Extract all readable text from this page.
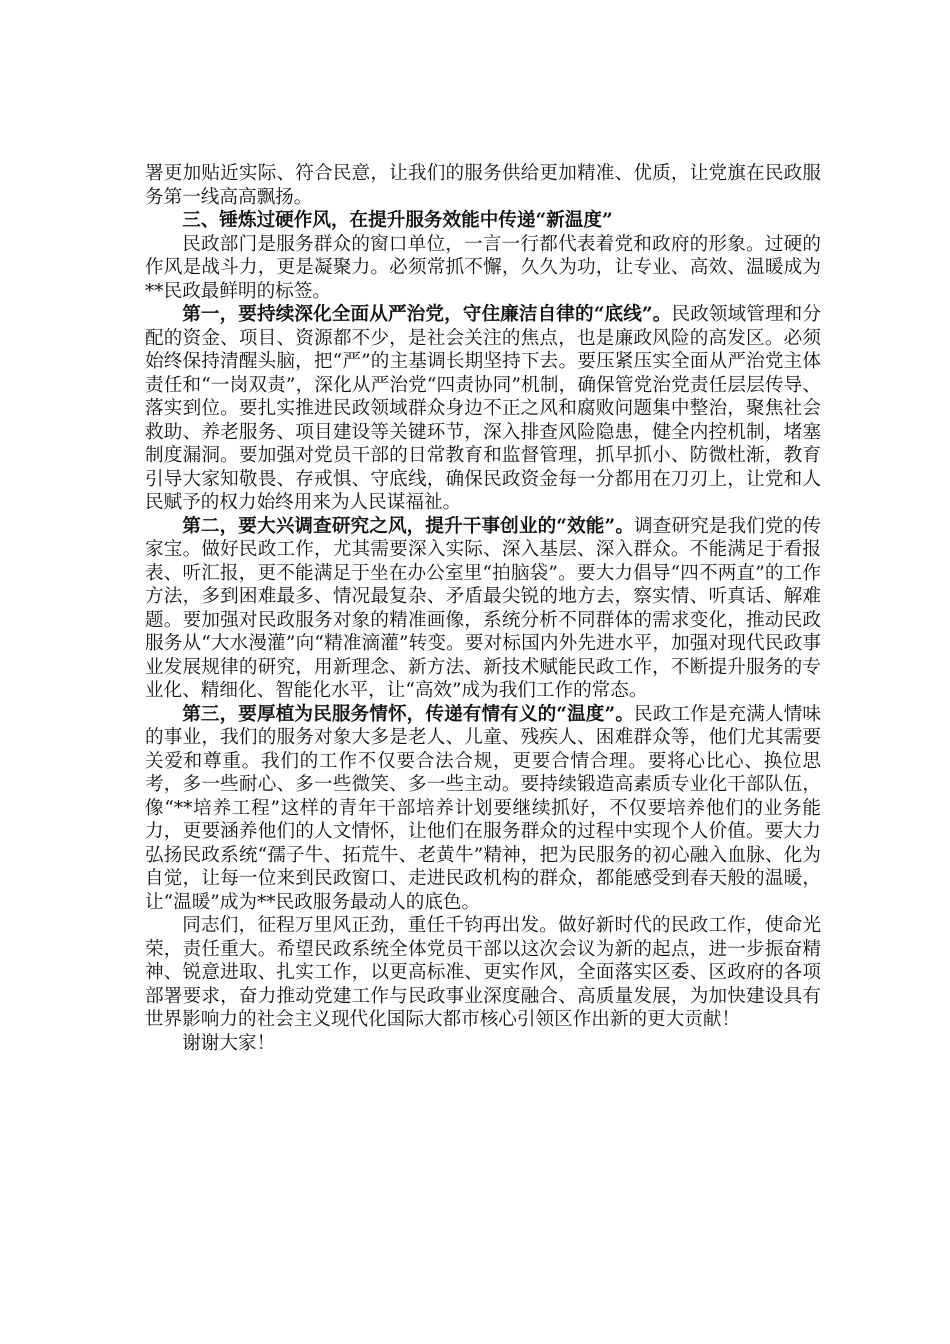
署更加贴近实际、符合民意，让我们的服务供给更加精准、优质，让党旗在民政服务第一线高高飘扬。

三、锤炼过硬作风，在提升服务效能中传递“新温度”

民政部门是服务群众的窗口单位，一言一行都代表着党和政府的形象。过硬的作风是战斗力，更是凝聚力。必须常抓不懈，久久为功，让专业、高效、温暖成为**民政最鲜明的标签。

第一，要持续深化全面从严治党，守住廉洁自律的“底线”。民政领域管理和分配的资金、项目、资源都不少，是社会关注的焦点，也是廉政风险的高发区。必须始终保持清醒头脑，把“严”的主基调长期坚持下去。要压紧压实全面从严治党主体责任和“一岗双责”，深化从严治党“四责协同”机制，确保管党治党责任层层传导、落实到位。要扎实推进民政领域群众身边不正之风和腐败问题集中整治，聚焦社会救助、养老服务、项目建设等关键环节，深入排查风险隐患，健全内控机制，堵塞制度漏洞。要加强对党员干部的日常教育和监督管理，抓早抓小、防微杜渐，教育引导大家知敬畏、存戒惧、守底线，确保民政资金每一分都用在刀刃上，让党和人民赋予的权力始终用来为人民谋福祉。

第二，要大兴调查研究之风，提升干事创业的“效能”。调查研究是我们党的传家宝。做好民政工作，尤其需要深入实际、深入基层、深入群众。不能满足于看报表、听汇报，更不能满足于坐在办公室里“拍脑袋”。要大力倡导“四不两直”的工作方法，多到困难最多、情况最复杂、矛盾最尖锐的地方去，察实情、听真话、解难题。要加强对民政服务对象的精准画像，系统分析不同群体的需求变化，推动民政服务从“大水漫灌”向“精准滴灌”转变。要对标国内外先进水平，加强对现代民政事业发展规律的研究，用新理念、新方法、新技术赋能民政工作，不断提升服务的专业化、精细化、智能化水平，让“高效”成为我们工作的常态。

第三，要厚植为民服务情怀，传递有情有义的“温度”。民政工作是充满人情味的事业，我们的服务对象大多是老人、儿童、残疾人、困难群众等，他们尤其需要关爱和尊重。我们的工作不仅要合法合规，更要合情合理。要将心比心、换位思考，多一些耐心、多一些微笑、多一些主动。要持续锻造高素质专业化干部队伍，像“**培养工程”这样的青年干部培养计划要继续抓好，不仅要培养他们的业务能力，更要涵养他们的人文情怀，让他们在服务群众的过程中实现个人价值。要大力弘扬民政系统“孺子牛、拓荒牛、老黄牛”精神，把为民服务的初心融入血脉、化为自觉，让每一位来到民政窗口、走进民政机构的群众，都能感受到春天般的温暖，让“温暖”成为**民政服务最动人的底色。

同志们，征程万里风正劲，重任千钧再出发。做好新时代的民政工作，使命光荣，责任重大。希望民政系统全体党员干部以这次会议为新的起点，进一步振奋精神、锐意进取、扎实工作，以更高标准、更实作风，全面落实区委、区政府的各项部署要求，奋力推动党建工作与民政事业深度融合、高质量发展，为加快建设具有世界影响力的社会主义现代化国际大都市核心引领区作出新的更大贡献！

谢谢大家！
